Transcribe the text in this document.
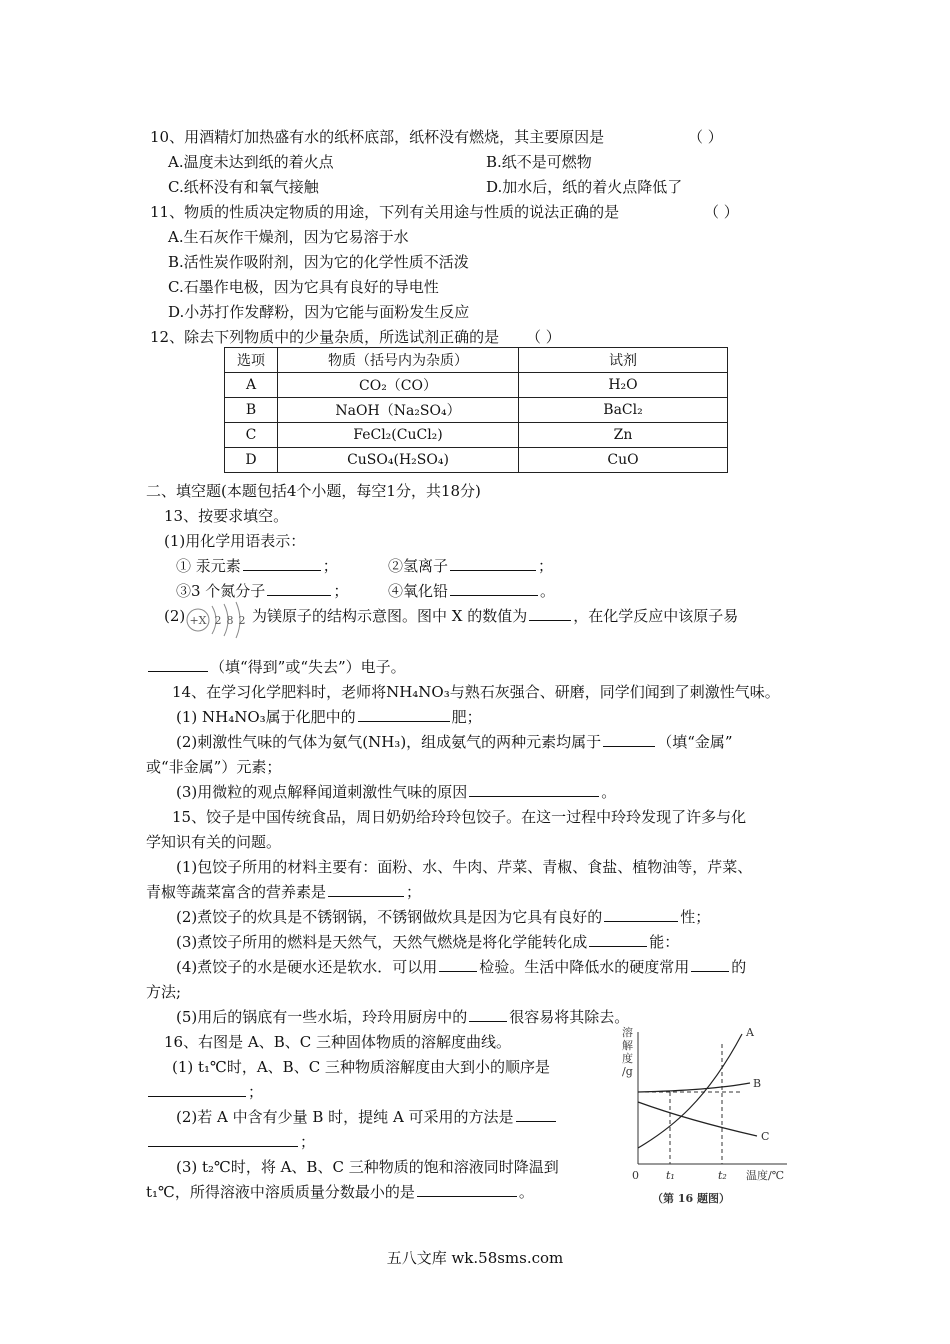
10、用酒精灯加热盛有水的纸杯底部，纸杯没有燃烧，其主要原因是	（ ）
A.温度未达到纸的着火点	B.纸不是可燃物
C.纸杯没有和氧气接触	D.加水后，纸的着火点降低了
11、物质的性质决定物质的用途，下列有关用途与性质的说法正确的是	（ ）
A.生石灰作干燥剂，因为它易溶于水
B.活性炭作吸附剂，因为它的化学性质不活泼
C.石墨作电极，因为它具有良好的导电性
D.小苏打作发酵粉，因为它能与面粉发生反应
12、除去下列物质中的少量杂质，所选试剂正确的是 （ ）
选项	物质（括号内为杂质）	试剂
A	CO₂（CO）	H₂O
B	NaOH（Na₂SO₄）	BaCl₂
C	FeCl₂(CuCl₂)	Zn
D	CuSO₄(H₂SO₄)	CuO
二、填空题(本题包括4个小题，每空1分，共18分)
13、按要求填空。
(1)用化学用语表示：
① 汞元素	；	②氢离子	；
③3 个氮分子	；	④氧化铅	。
(2) +X 2 8 2 为镁原子的结构示意图。图中 X 的数值为	，在化学反应中该原子易
（填“得到”或“失去”）电子。
14、在学习化学肥料时，老师将NH₄NO₃与熟石灰强合、研磨，同学们闻到了刺激性气味。
(1) NH₄NO₃属于化肥中的	肥；
(2)刺激性气味的气体为氨气(NH₃)，组成氨气的两种元素均属于	（填“金属”
或“非金属”）元素；
(3)用微粒的观点解释闻道刺激性气味的原因	。
15、饺子是中国传统食品，周日奶奶给玲玲包饺子。在这一过程中玲玲发现了许多与化
学知识有关的问题。
(1)包饺子所用的材料主要有：面粉、水、牛肉、芹菜、青椒、食盐、植物油等，芹菜、
青椒等蔬菜富含的营养素是	；
(2)煮饺子的炊具是不锈钢锅，不锈钢做炊具是因为它具有良好的	性；
(3)煮饺子所用的燃料是天然气，天然气燃烧是将化学能转化成	能：
(4)煮饺子的水是硬水还是软水．可以用	检验。生活中降低水的硬度常用	的
方法;
(5)用后的锅底有一些水垢，玲玲用厨房中的	很容易将其除去。
16、右图是 A、B、C 三种固体物质的溶解度曲线。
(1) t₁℃时，A、B、C 三种物质溶解度由大到小的顺序是
；
(2)若 A 中含有少量 B 时，提纯 A 可采用的方法是
；
(3) t₂℃时，将 A、B、C 三种物质的饱和溶液同时降温到
t₁℃，所得溶液中溶质质量分数最小的是	。
溶
解
度
/g
A
B
C
0 t₁	t₂ 温度/℃
（第 16 题图）
五八文库 wk.58sms.com
